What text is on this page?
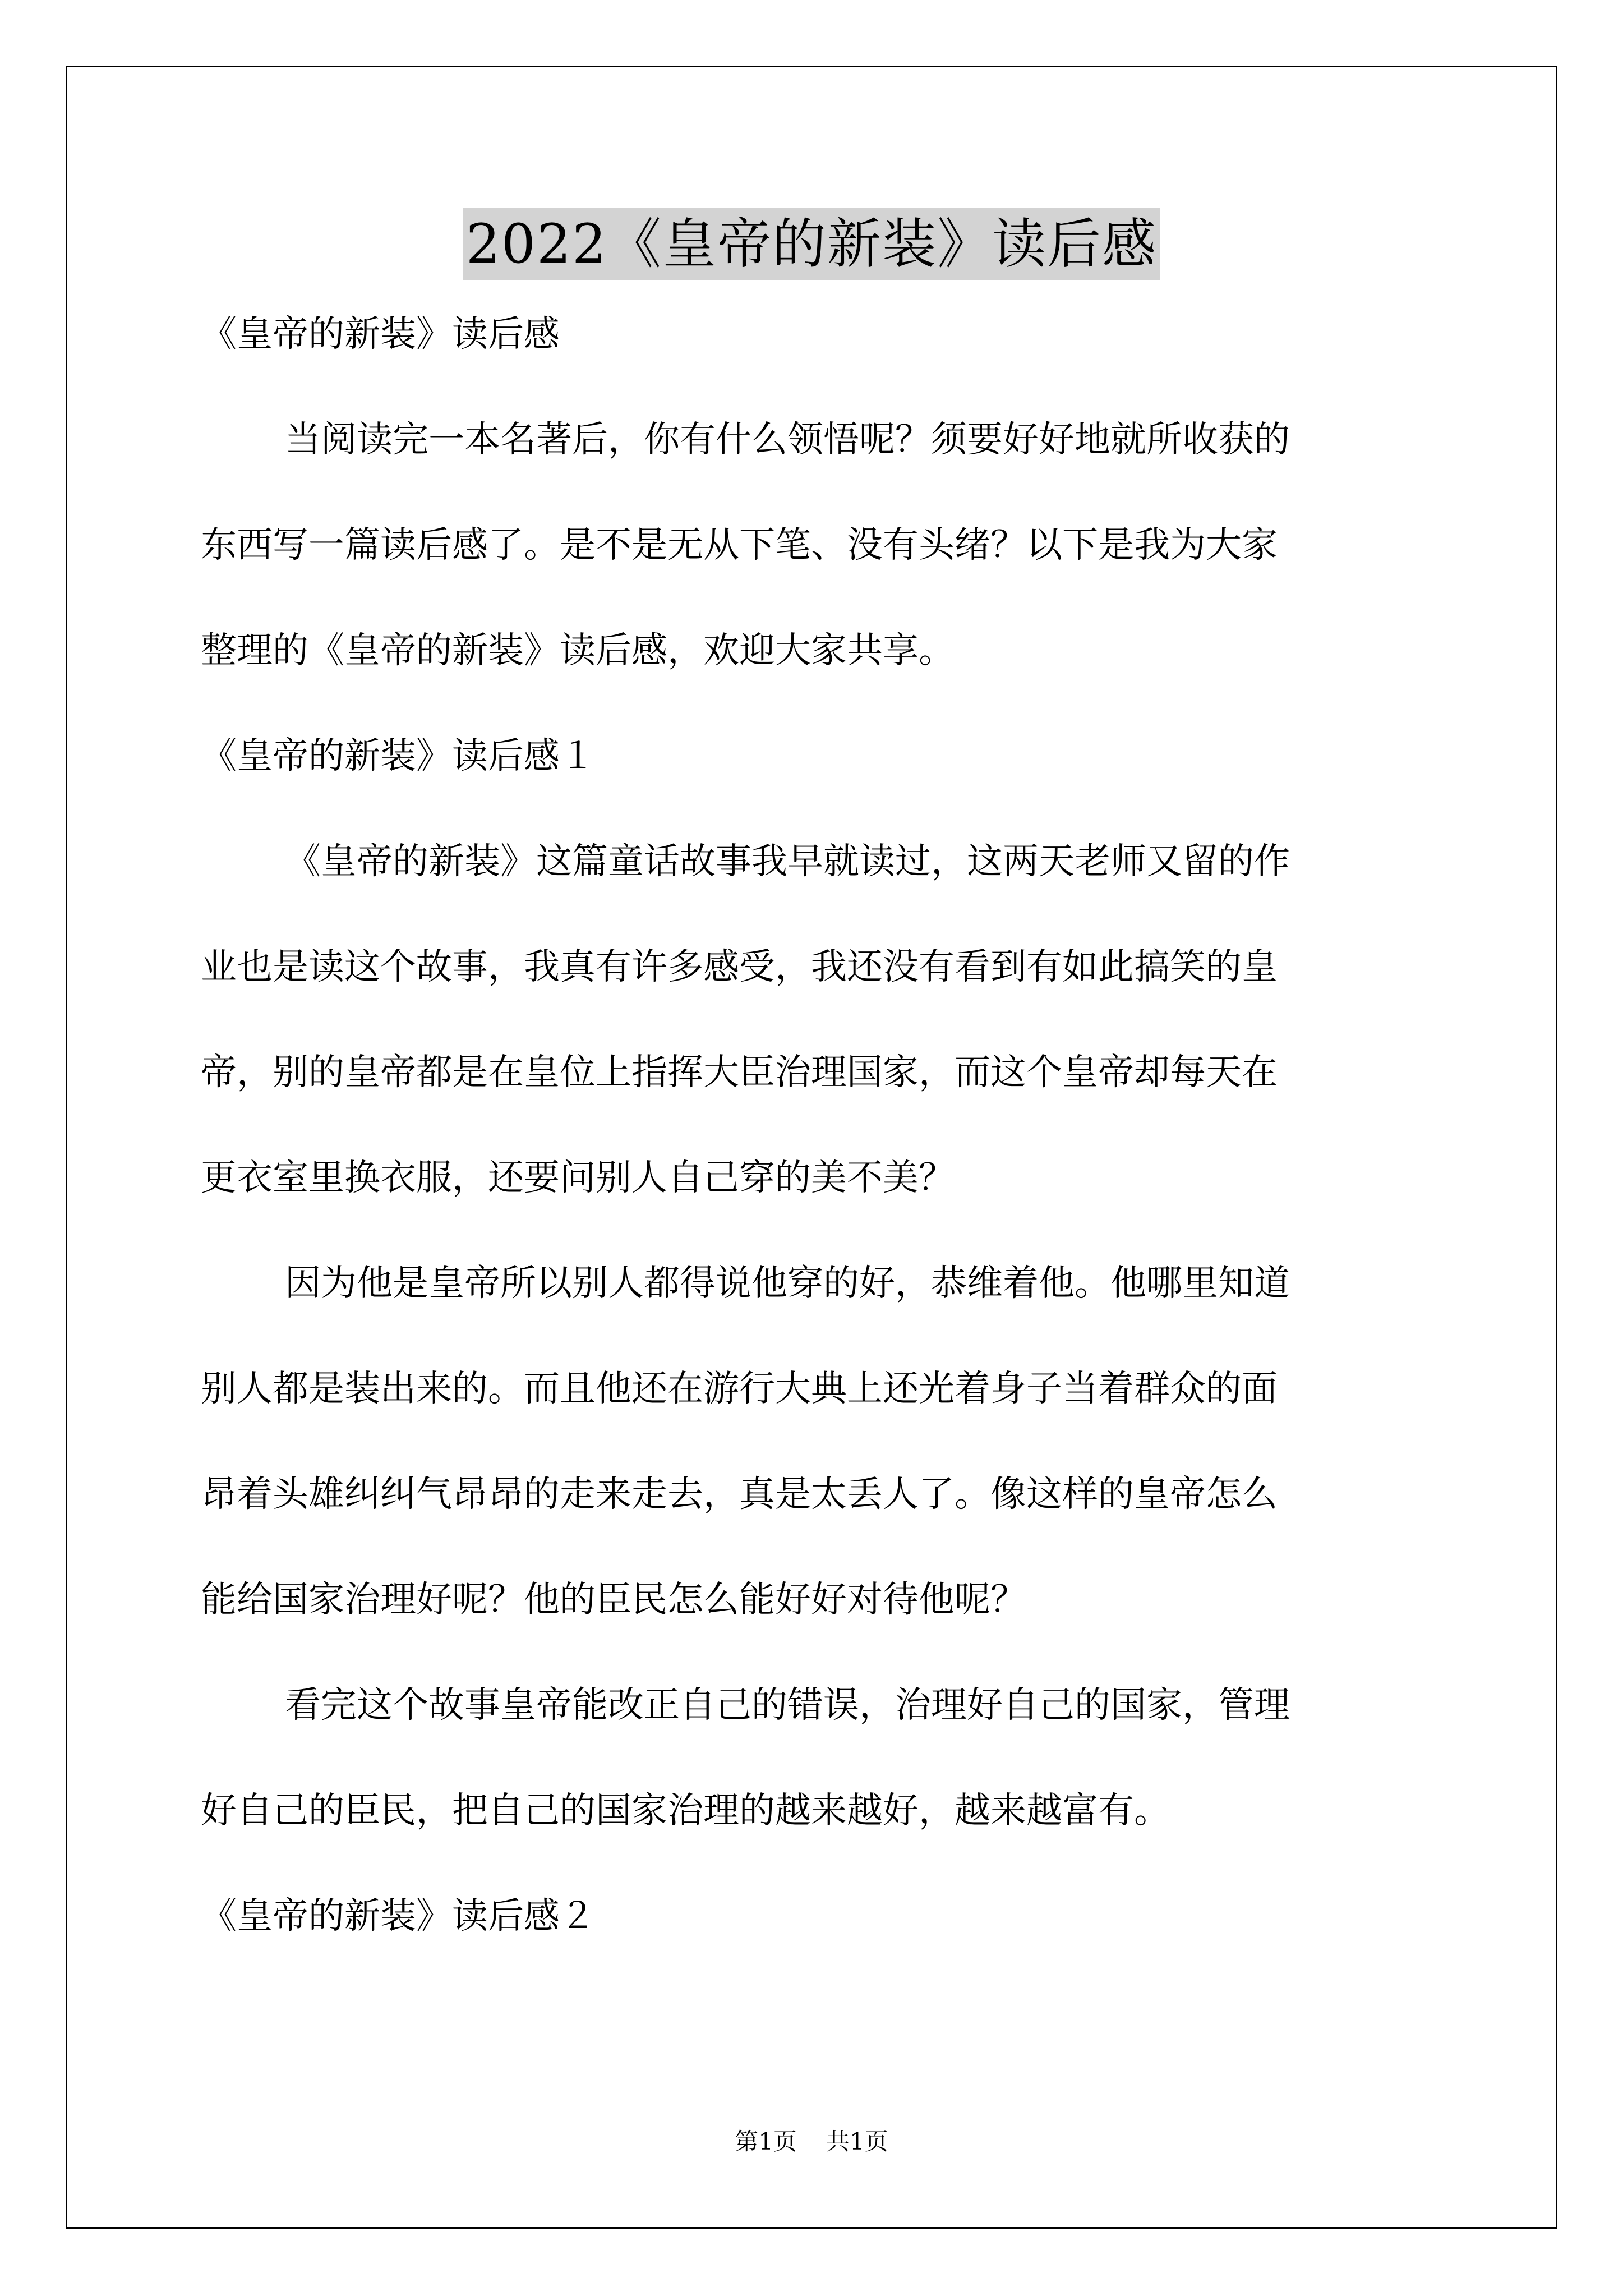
2022《皇帝的新装》读后感
《皇帝的新装》读后感
当阅读完一本名著后，你有什么领悟呢？须要好好地就所收获的
东西写一篇读后感了。是不是无从下笔、没有头绪？以下是我为大家
整理的《皇帝的新装》读后感，欢迎大家共享。
《皇帝的新装》读后感１
《皇帝的新装》这篇童话故事我早就读过，这两天老师又留的作
业也是读这个故事，我真有许多感受，我还没有看到有如此搞笑的皇
帝，别的皇帝都是在皇位上指挥大臣治理国家，而这个皇帝却每天在
更衣室里换衣服，还要问别人自己穿的美不美？
因为他是皇帝所以别人都得说他穿的好，恭维着他。他哪里知道
别人都是装出来的。而且他还在游行大典上还光着身子当着群众的面
昂着头雄纠纠气昂昂的走来走去，真是太丢人了。像这样的皇帝怎么
能给国家治理好呢？他的臣民怎么能好好对待他呢？
看完这个故事皇帝能改正自己的错误，治理好自己的国家，管理
好自己的臣民，把自己的国家治理的越来越好，越来越富有。
《皇帝的新装》读后感２
第1页 共1页
